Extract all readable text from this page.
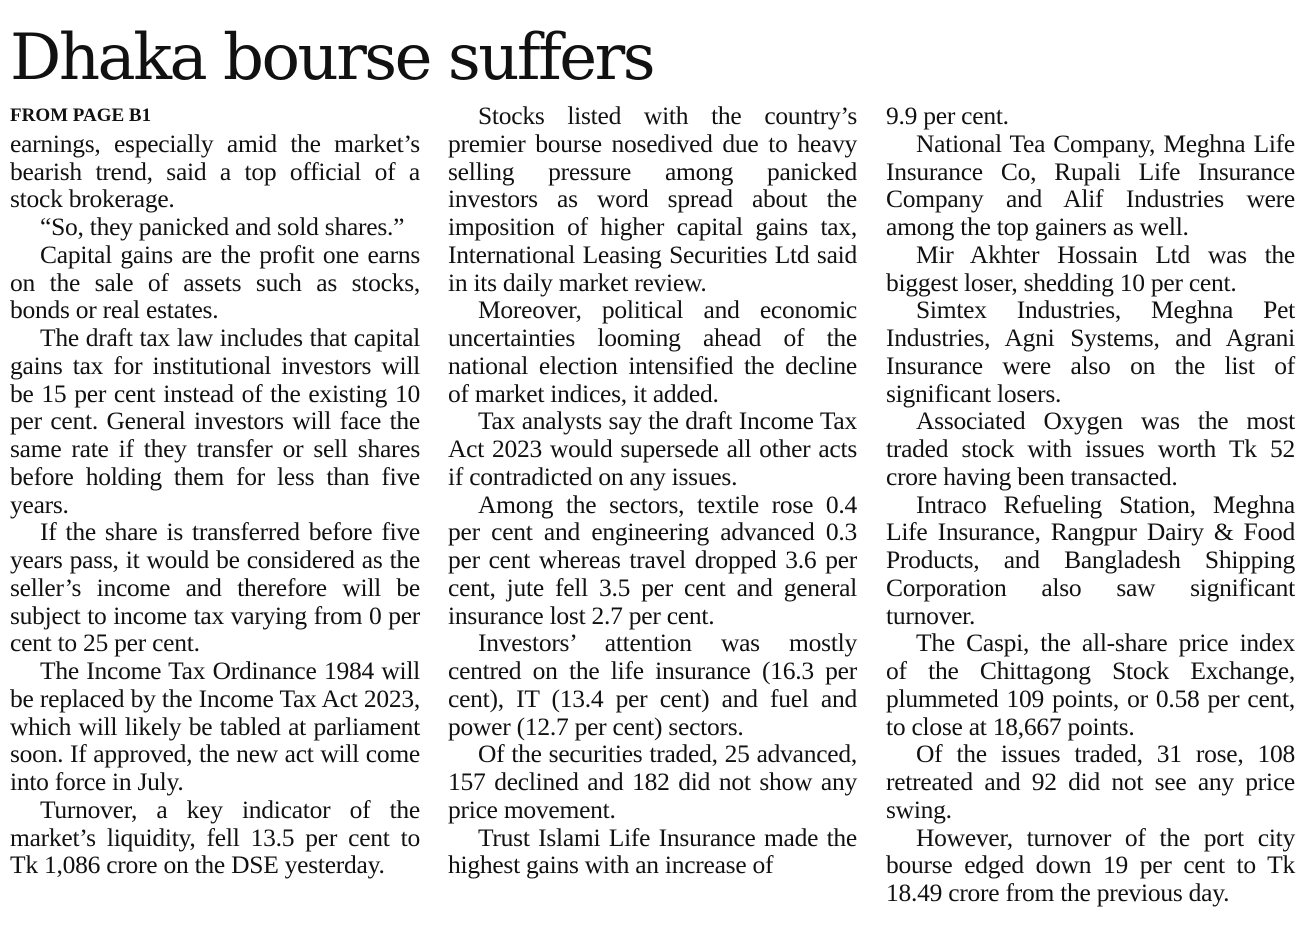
Dhaka bourse suffers
FROM PAGE B1

earnings, especially amid the market’s bearish trend, said a top official of a stock brokerage.

“So, they panicked and sold shares.”

Capital gains are the profit one earns on the sale of assets such as stocks, bonds or real estates.

The draft tax law includes that capital gains tax for institutional investors will be 15 per cent instead of the existing 10 per cent. General investors will face the same rate if they transfer or sell shares before holding them for less than five years.

If the share is transferred before five years pass, it would be considered as the seller’s income and therefore will be subject to income tax varying from 0 per cent to 25 per cent.

The Income Tax Ordinance 1984 will be replaced by the Income Tax Act 2023, which will likely be tabled at parliament soon. If approved, the new act will come into force in July.

Turnover, a key indicator of the market’s liquidity, fell 13.5 per cent to Tk 1,086 crore on the DSE yesterday.

Stocks listed with the country’s premier bourse nosedived due to heavy selling pressure among panicked investors as word spread about the imposition of higher capital gains tax, International Leasing Securities Ltd said in its daily market review.

Moreover, political and economic uncertainties looming ahead of the national election intensified the decline of market indices, it added.

Tax analysts say the draft Income Tax Act 2023 would supersede all other acts if contradicted on any issues.

Among the sectors, textile rose 0.4 per cent and engineering advanced 0.3 per cent whereas travel dropped 3.6 per cent, jute fell 3.5 per cent and general insurance lost 2.7 per cent.

Investors’ attention was mostly centred on the life insurance (16.3 per cent), IT (13.4 per cent) and fuel and power (12.7 per cent) sectors.

Of the securities traded, 25 advanced, 157 declined and 182 did not show any price movement.

Trust Islami Life Insurance made the highest gains with an increase of

9.9 per cent.

National Tea Company, Meghna Life Insurance Co, Rupali Life Insurance Company and Alif Industries were among the top gainers as well.

Mir Akhter Hossain Ltd was the biggest loser, shedding 10 per cent.

Simtex Industries, Meghna Pet Industries, Agni Systems, and Agrani Insurance were also on the list of significant losers.

Associated Oxygen was the most traded stock with issues worth Tk 52 crore having been transacted.

Intraco Refueling Station, Meghna Life Insurance, Rangpur Dairy & Food Products, and Bangladesh Shipping Corporation also saw significant turnover.

The Caspi, the all-share price index of the Chittagong Stock Exchange, plummeted 109 points, or 0.58 per cent, to close at 18,667 points.

Of the issues traded, 31 rose, 108 retreated and 92 did not see any price swing.

However, turnover of the port city bourse edged down 19 per cent to Tk 18.49 crore from the previous day.
